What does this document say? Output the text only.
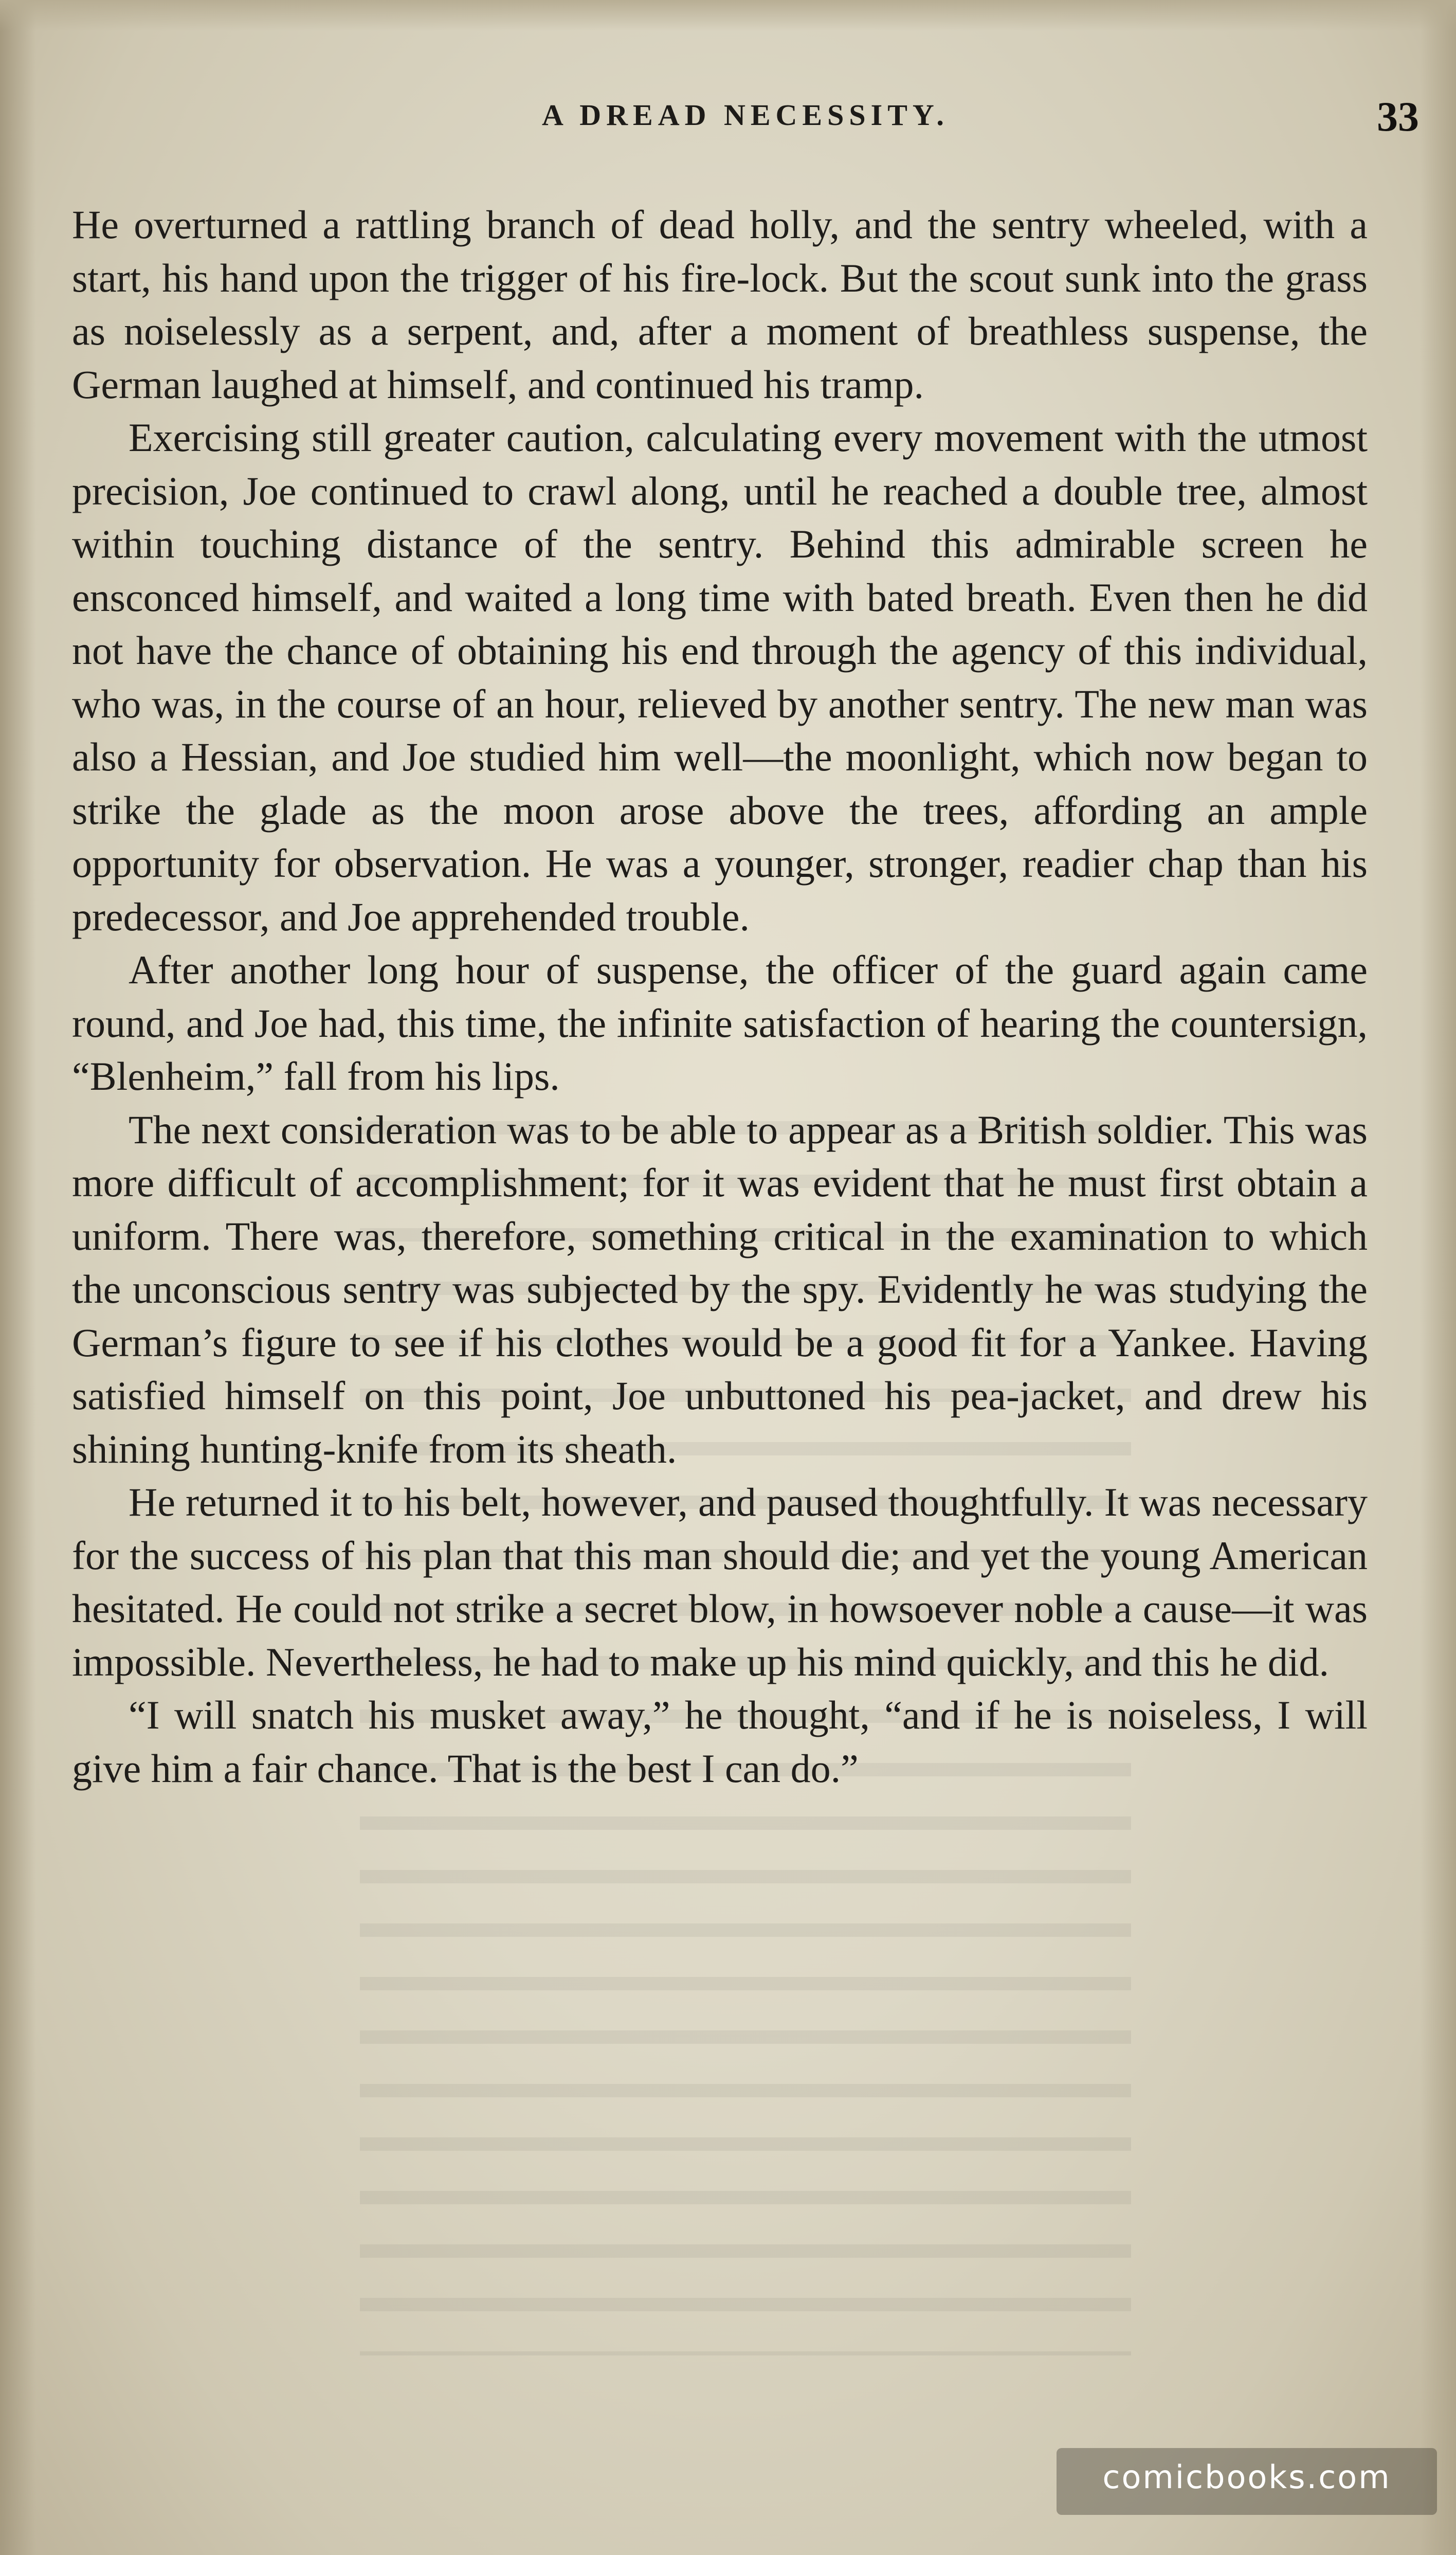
A DREAD NECESSITY.	33

He overturned a rattling branch of dead holly, and the sentry wheeled, with a start, his hand upon the trigger of his fire-lock. But the scout sunk into the grass as noiselessly as a serpent, and, after a moment of breathless suspense, the German laughed at himself, and continued his tramp.

Exercising still greater caution, calculating every movement with the utmost precision, Joe continued to crawl along, until he reached a double tree, almost within touching distance of the sentry. Behind this admirable screen he ensconced himself, and waited a long time with bated breath. Even then he did not have the chance of obtaining his end through the agency of this individual, who was, in the course of an hour, relieved by another sentry. The new man was also a Hessian, and Joe studied him well—the moonlight, which now began to strike the glade as the moon arose above the trees, affording an ample opportunity for observation. He was a younger, stronger, readier chap than his predecessor, and Joe apprehended trouble.

After another long hour of suspense, the officer of the guard again came round, and Joe had, this time, the infinite satisfaction of hearing the countersign, “Blenheim,” fall from his lips.

The next consideration was to be able to appear as a British soldier. This was more difficult of accomplishment; for it was evident that he must first obtain a uniform. There was, therefore, something critical in the examination to which the unconscious sentry was subjected by the spy. Evidently he was studying the German’s figure to see if his clothes would be a good fit for a Yankee. Having satisfied himself on this point, Joe unbuttoned his pea-jacket, and drew his shining hunting-knife from its sheath.

He returned it to his belt, however, and paused thoughtfully. It was necessary for the success of his plan that this man should die; and yet the young American hesitated. He could not strike a secret blow, in howsoever noble a cause—it was impossible. Nevertheless, he had to make up his mind quickly, and this he did.

“I will snatch his musket away,” he thought, “and if he is noiseless, I will give him a fair chance. That is the best I can do.”

comicbooks.com
